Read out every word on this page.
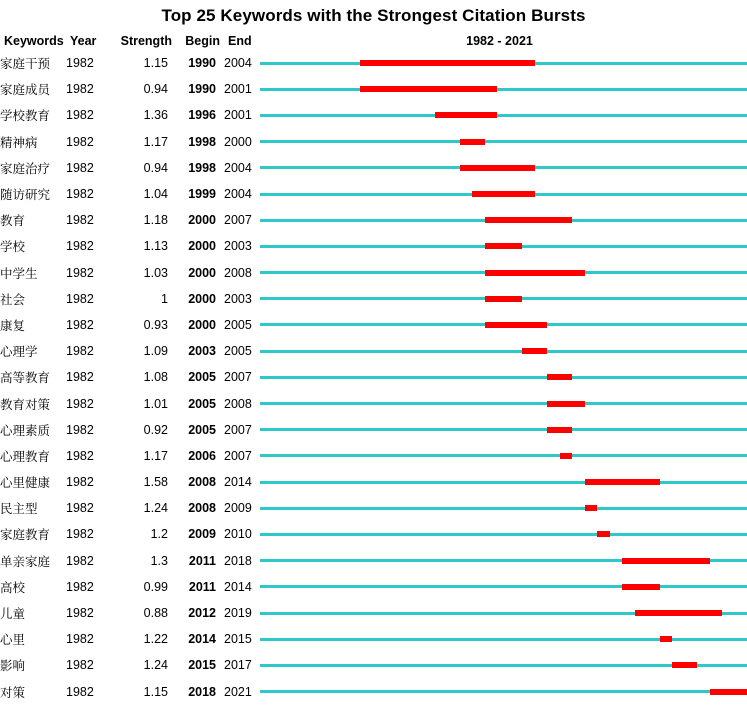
Top 25 Keywords with the Strongest Citation Bursts
Keywords Year	Strength	Begin End	1982 - 2021
家庭干预	1982	1.15	1990 2004
家庭成员	1982	0.94	1990 2001
学校教育	1982	1.36	1996 2001
精神病	1982	1.17	1998 2000
家庭治疗	1982	0.94	1998 2004
随访研究	1982	1.04	1999 2004
教育	1982	1.18	2000 2007
学校	1982	1.13	2000 2003
中学生	1982	1.03	2000 2008
社会	1982	1	2000 2003
康复	1982	0.93	2000 2005
心理学	1982	1.09	2003 2005
高等教育	1982	1.08	2005 2007
教育对策	1982	1.01	2005 2008
心理素质	1982	0.92	2005 2007
心理教育	1982	1.17	2006 2007
心里健康	1982	1.58	2008 2014
民主型	1982	1.24	2008 2009
家庭教育	1982	1.2	2009 2010
单亲家庭	1982	1.3	2011 2018
高校	1982	0.99	2011 2014
儿童	1982	0.88	2012 2019
心里	1982	1.22	2014 2015
影响	1982	1.24	2015 2017
对策	1982	1.15	2018 2021
